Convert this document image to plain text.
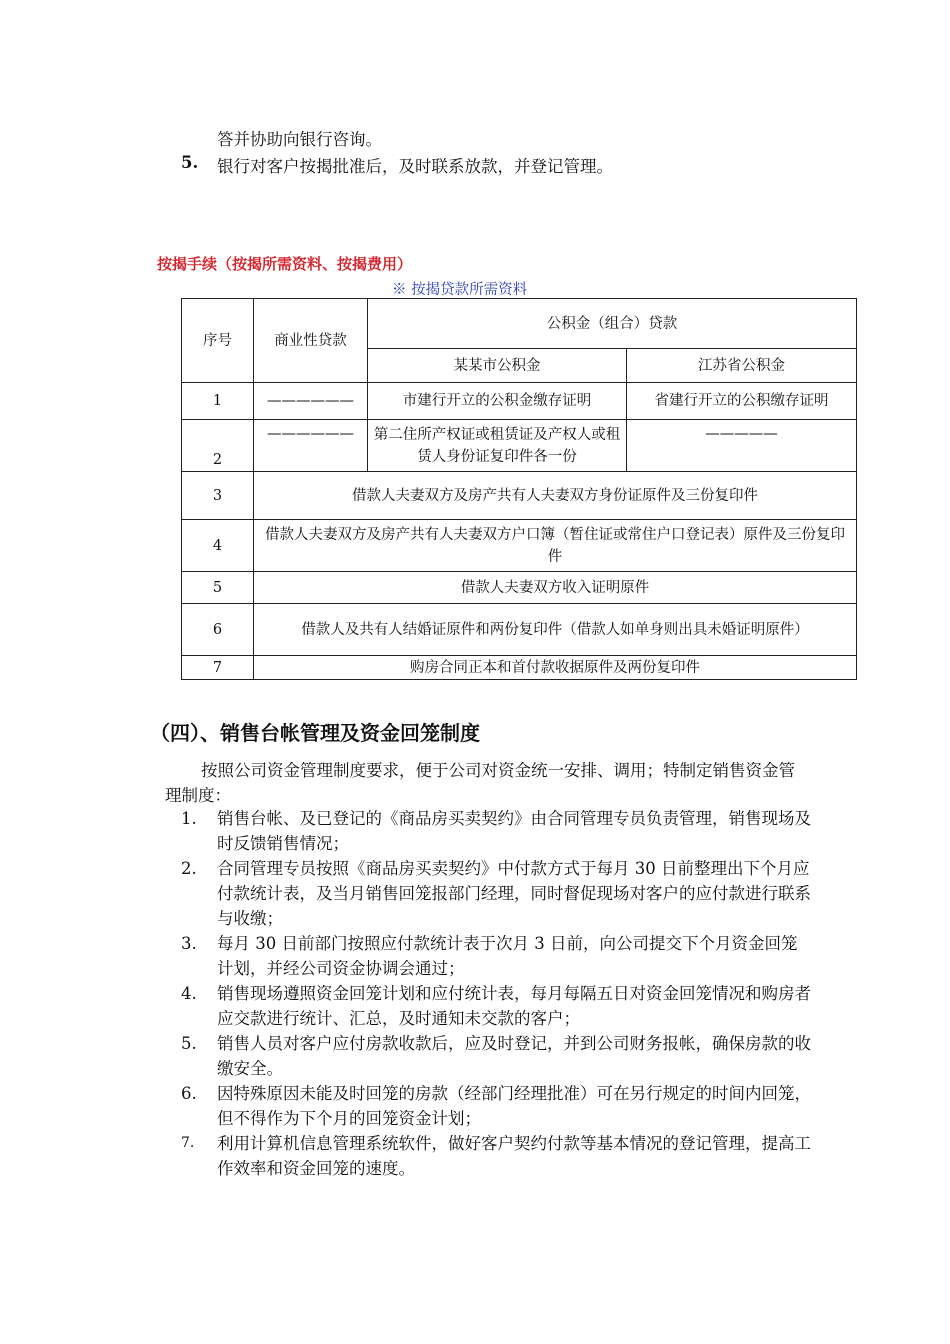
答并协助向银行咨询。
5. 银行对客户按揭批准后，及时联系放款，并登记管理。
按揭手续（按揭所需资料、按揭费用）
※ 按揭贷款所需资料
序号	商业性贷款	公积金（组合）贷款	
		某某市公积金	江苏省公积金
1	——————	市建行开立的公积金缴存证明	省建行开立的公积缴存证明
2	——————	第二住所产权证或租赁证及产权人或租赁人身份证复印件各一份	—————
3	借款人夫妻双方及房产共有人夫妻双方身份证原件及三份复印件		
4	借款人夫妻双方及房产共有人夫妻双方户口簿（暂住证或常住户口登记表）原件及三份复印件		
5	借款人夫妻双方收入证明原件		
6	借款人及共有人结婚证原件和两份复印件（借款人如单身则出具未婚证明原件）		
7	购房合同正本和首付款收据原件及两份复印件		
（四）、销售台帐管理及资金回笼制度
按照公司资金管理制度要求，便于公司对资金统一安排、调用；特制定销售资金管理制度：
1.	销售台帐、及已登记的《商品房买卖契约》由合同管理专员负责管理，销售现场及时反馈销售情况；
2.	合同管理专员按照《商品房买卖契约》中付款方式于每月 30 日前整理出下个月应付款统计表，及当月销售回笼报部门经理，同时督促现场对客户的应付款进行联系与收缴；
3.	每月 30 日前部门按照应付款统计表于次月 3 日前，向公司提交下个月资金回笼计划，并经公司资金协调会通过；
4.	销售现场遵照资金回笼计划和应付统计表，每月每隔五日对资金回笼情况和购房者应交款进行统计、汇总，及时通知未交款的客户；
5.	销售人员对客户应付房款收款后，应及时登记，并到公司财务报帐，确保房款的收缴安全。
6.	因特殊原因未能及时回笼的房款（经部门经理批准）可在另行规定的时间内回笼，但不得作为下个月的回笼资金计划；
7.	利用计算机信息管理系统软件，做好客户契约付款等基本情况的登记管理，提高工作效率和资金回笼的速度。
